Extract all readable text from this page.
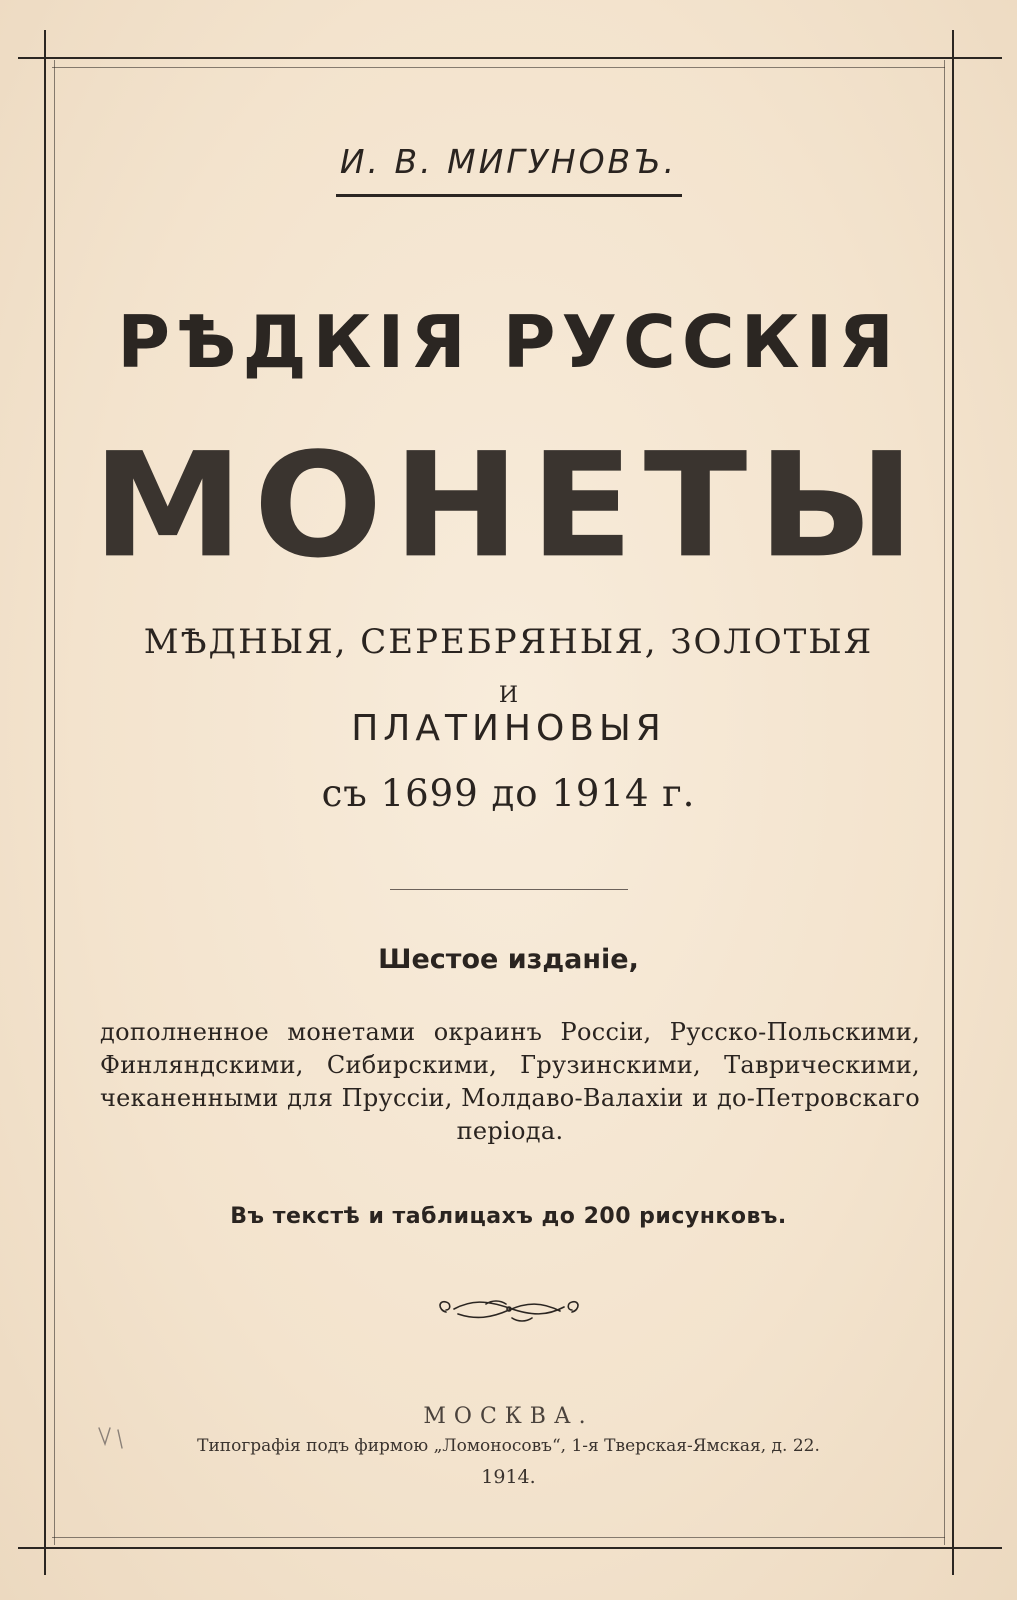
И. В. МИГУНОВЪ.
РѢДКІЯ РУССКІЯ
МОНЕТЫ
МѢДНЫЯ, СЕРЕБРЯНЫЯ, ЗОЛОТЫЯ
И
ПЛАТИНОВЫЯ
съ 1699 до 1914 г.
Шестое изданіе,
дополненное монетами окраинъ Россіи, Русско-Польскими, Финляндскими, Сибирскими, Грузинскими, Таврическими, чеканенными для Пруссіи, Молдаво-Валахіи и до-Петровскаго періода.
Въ текстѣ и таблицахъ до 200 рисунковъ.
МОСКВА.
Типографія подъ фирмою „Ломоносовъ“, 1-я Тверская-Ямская, д. 22.
1914.
